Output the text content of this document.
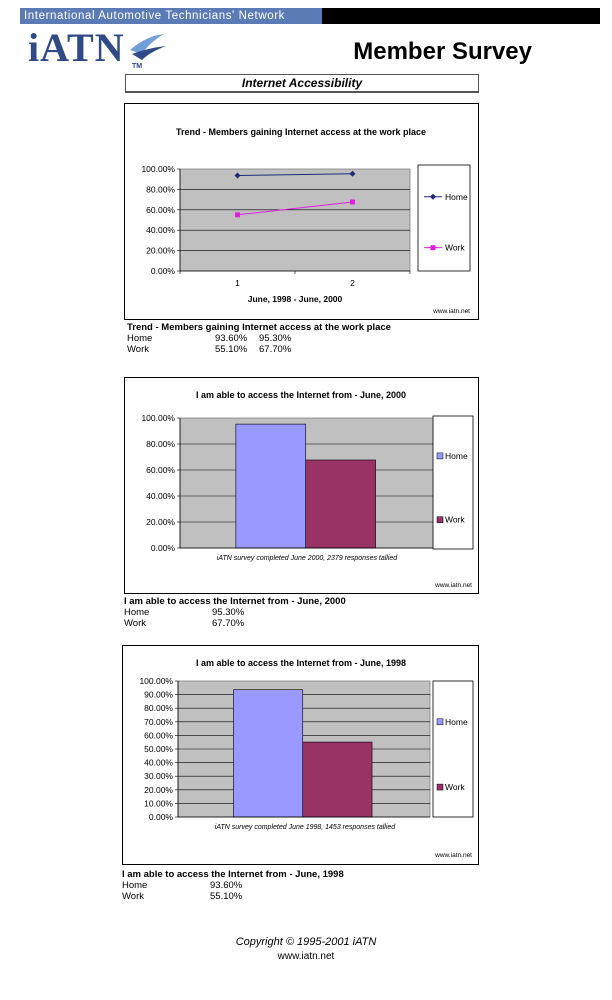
International Automotive Technicians' Network
iATN TM
Member Survey
Internet Accessibility
Trend - Members gaining Internet access at the work place
100.00%
80.00%
60.00%
40.00%
20.00%
0.00%
1	2
June, 1998 - June, 2000
Home
Work
www.iatn.net
Trend - Members gaining Internet access at the work place
Home	93.60% 95.30%
Work	55.10% 67.70%
I am able to access the Internet from - June, 2000
100.00%
80.00%
60.00%
40.00%
20.00%
0.00%
iATN survey completed June 2000, 2379 responses tallied
Home
Work
www.iatn.net
I am able to access the Internet from - June, 2000
Home	95.30%
Work	67.70%
I am able to access the Internet from - June, 1998
100.00%
90.00%
80.00%
70.00%
60.00%
50.00%
40.00%
30.00%
20.00%
10.00%
0.00%
iATN survey completed June 1998, 1453 responses tallied
Home
Work
www.iatn.net
I am able to access the Internet from - June, 1998
Home	93.60%
Work	55.10%
Copyright © 1995-2001 iATN
www.iatn.net
